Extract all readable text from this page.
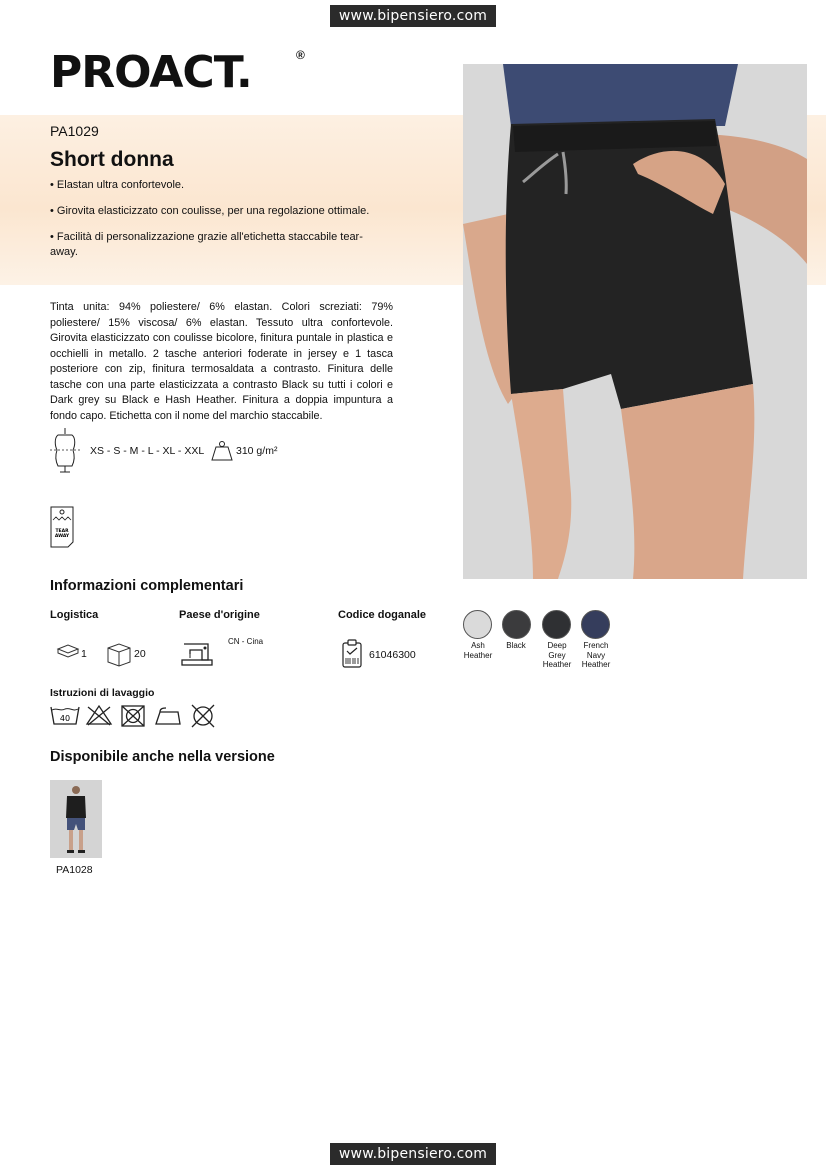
www.bipensiero.com
www.bipensiero.com
PROACT.	®
PA1029
Short donna
• Elastan ultra confortevole.
• Girovita elasticizzato con coulisse, per una regolazione ottimale.
• Facilità di personalizzazione grazie all'etichetta staccabile tear-away.
Tinta unita: 94% poliestere/ 6% elastan. Colori screziati: 79% poliestere/ 15% viscosa/ 6% elastan. Tessuto ultra confortevole. Girovita elasticizzato con coulisse bicolore, finitura puntale in plastica e occhielli in metallo. 2 tasche anteriori foderate in jersey e 1 tasca posteriore con zip, finitura termosaldata a contrasto. Finitura delle tasche con una parte elasticizzata a contrasto Black su tutti i colori e Dark grey su Black e Hash Heather. Finitura a doppia impuntura a fondo capo. Etichetta con il nome del marchio staccabile.
XS - S - M - L - XL - XXL	310 g/m²
TEAR
AWAY
Informazioni complementari
Logistica	Paese d'origine	Codice doganale
1	20
CN - Cina
61046300
Ash
Heather
Black	Deep
Grey
Heather
French
Navy
Heather
Istruzioni di lavaggio
40
Disponibile anche nella versione
PA1028
